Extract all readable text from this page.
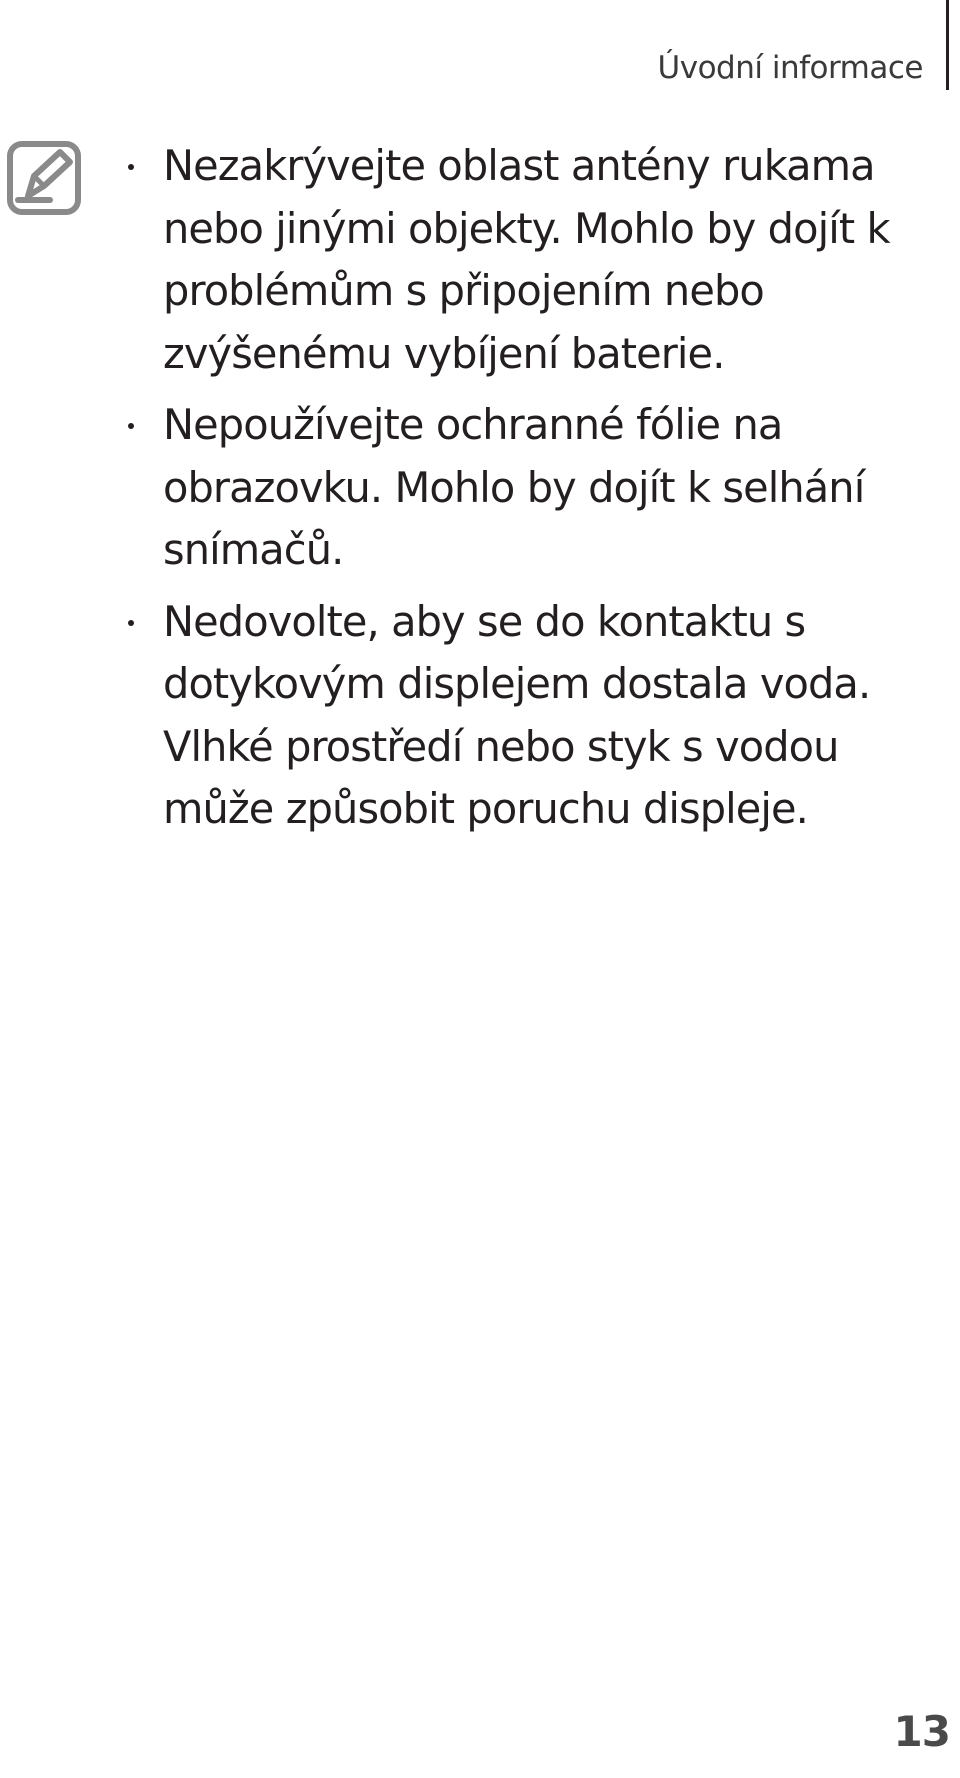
Úvodní informace
Nezakrývejte oblast antény rukama nebo jinými objekty. Mohlo by dojít k problémům s připojením nebo zvýšenému vybíjení baterie.
Nepoužívejte ochranné fólie na obrazovku. Mohlo by dojít k selhání snímačů.
Nedovolte, aby se do kontaktu s dotykovým displejem dostala voda. Vlhké prostředí nebo styk s vodou může způsobit poruchu displeje.
13
